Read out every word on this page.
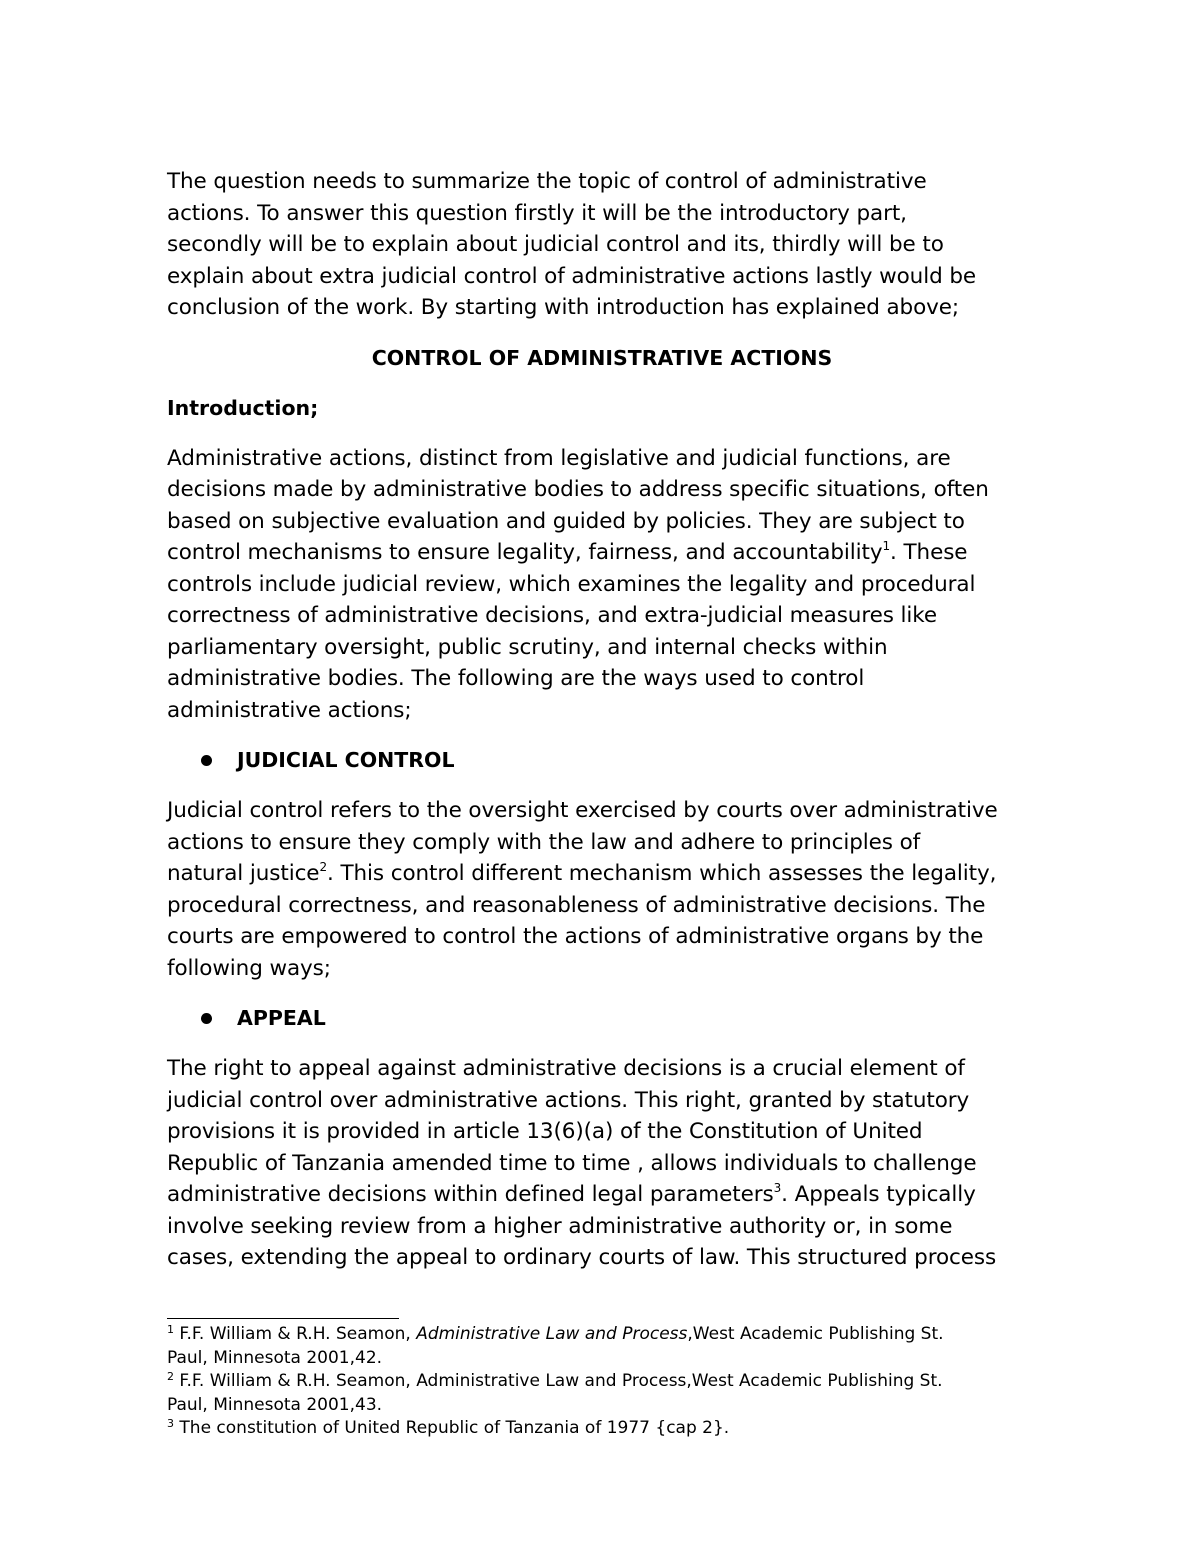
The question needs to summarize the topic of control of administrative

actions. To answer this question firstly it will be the introductory part,

secondly will be to explain about judicial control and its, thirdly will be to

explain about extra judicial control of administrative actions lastly would be

conclusion of the work. By starting with introduction has explained above;

CONTROL OF ADMINISTRATIVE ACTIONS

Introduction;

Administrative actions, distinct from legislative and judicial functions, are

decisions made by administrative bodies to address specific situations, often

based on subjective evaluation and guided by policies. They are subject to

control mechanisms to ensure legality, fairness, and accountability$^1$. These

controls include judicial review, which examines the legality and procedural

correctness of administrative decisions, and extra-judicial measures like

parliamentary oversight, public scrutiny, and internal checks within

administrative bodies. The following are the ways used to control

administrative actions;

JUDICIAL CONTROL

Judicial control refers to the oversight exercised by courts over administrative

actions to ensure they comply with the law and adhere to principles of

natural justice$^2$. This control different mechanism which assesses the legality,

procedural correctness, and reasonableness of administrative decisions. The

courts are empowered to control the actions of administrative organs by the

following ways;

APPEAL

The right to appeal against administrative decisions is a crucial element of

judicial control over administrative actions. This right, granted by statutory

provisions it is provided in article 13(6)(a) of the Constitution of United

Republic of Tanzania amended time to time , allows individuals to challenge

administrative decisions within defined legal parameters$^3$. Appeals typically

involve seeking review from a higher administrative authority or, in some

cases, extending the appeal to ordinary courts of law. This structured process

$^1$ F.F. William & R.H. Seamon, Administrative Law and Process,West Academic Publishing St.

Paul, Minnesota 2001,42.

$^2$ F.F. William & R.H. Seamon, Administrative Law and Process,West Academic Publishing St.

Paul, Minnesota 2001,43.

$^3$ The constitution of United Republic of Tanzania of 1977 {cap 2}.
